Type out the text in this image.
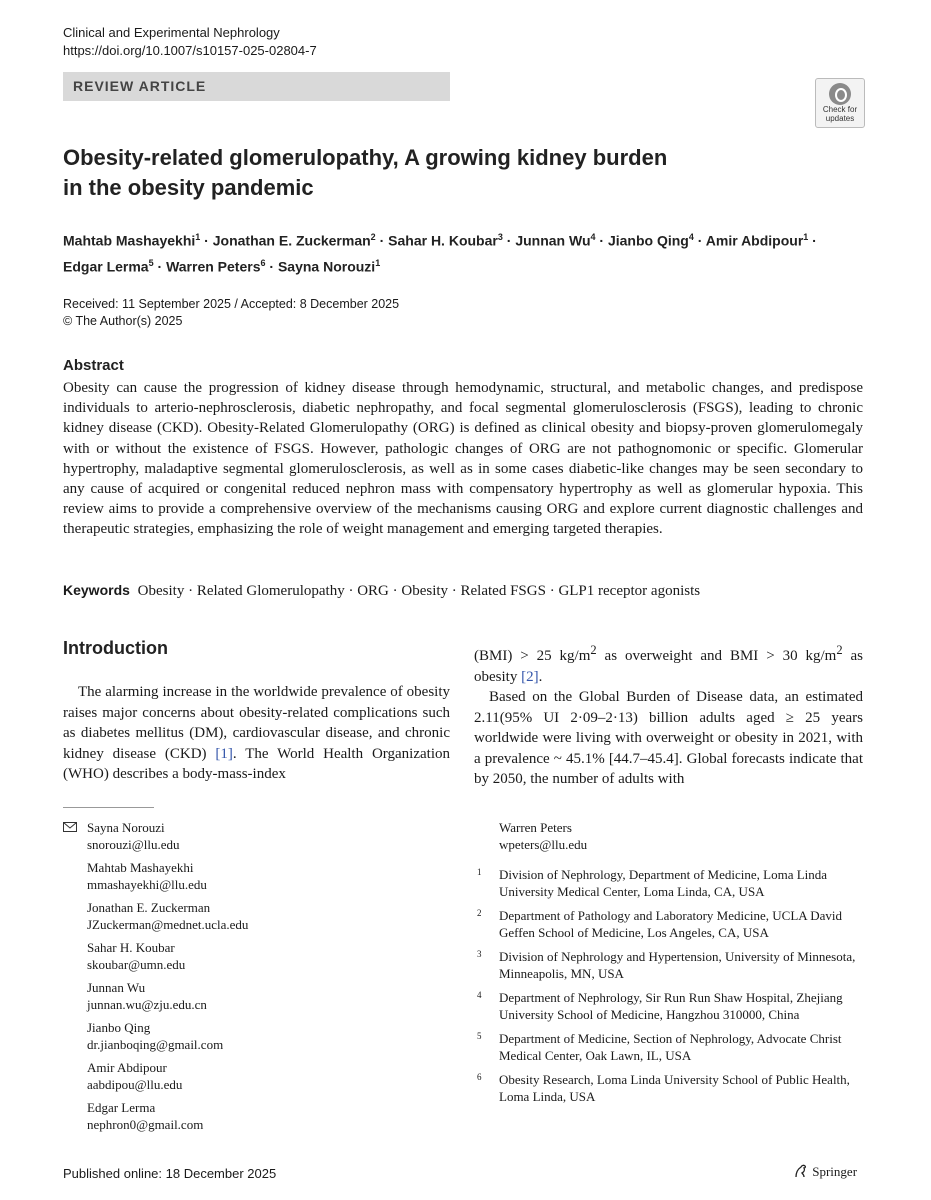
Clinical and Experimental Nephrology
https://doi.org/10.1007/s10157-025-02804-7
REVIEW ARTICLE
Check for
updates
Obesity-related glomerulopathy, A growing kidney burden
in the obesity pandemic
Mahtab Mashayekhi$^1$ · Jonathan E. Zuckerman$^2$ · Sahar H. Koubar$^3$ · Junnan $Wu^4$ · Jianbo Qing$^4$ · Amir Abdipour$^1$ ·
Edgar Lerma$^5$ · Warren Peters$^6$ · Sayna Norouzi$^1$
Received: 11 September 2025 / Accepted: 8 December 2025
© The Author(s) 2025
Abstract
Obesity can cause the progression of kidney disease through hemodynamic, structural, and metabolic changes, and predispose individuals to arterio-nephrosclerosis, diabetic nephropathy, and focal segmental glomerulosclerosis (FSGS), leading to chronic kidney disease (CKD). Obesity-Related Glomerulopathy (ORG) is defined as clinical obesity and biopsy-proven glomerulomegaly with or without the existence of FSGS. However, pathologic changes of ORG are not pathognomonic or specific. Glomerular hypertrophy, maladaptive segmental glomerulosclerosis, as well as in some cases diabetic-like changes may be seen secondary to any cause of acquired or congenital reduced nephron mass with compensatory hypertrophy as well as glomerular hypoxia. This review aims to provide a comprehensive overview of the mechanisms causing ORG and explore current diagnostic challenges and therapeutic strategies, emphasizing the role of weight management and emerging targeted therapies.
Keywords Obesity · Related Glomerulopathy · ORG · Obesity · Related FSGS · GLP1 receptor agonists
Introduction
The alarming increase in the worldwide prevalence of obesity raises major concerns about obesity-related complications such as diabetes mellitus (DM), cardiovascular disease, and chronic kidney disease (CKD) [1]. The World Health Organization (WHO) describes a body-mass-index

(BMI) > 25 $kg/m^2$ as overweight and BMI > 30 $kg/m^2$ as obesity [2].

Based on the Global Burden of Disease data, an estimated 2.11(95% UI 2·09–2·13) billion adults aged ≥ 25 years worldwide were living with overweight or obesity in 2021, with a prevalence ~ 45.1% [44.7–45.4]. Global forecasts indicate that by 2050, the number of adults with

Sayna Norouzi
snorouzi@llu.edu
Mahtab Mashayekhi
mmashayekhi@llu.edu
Jonathan E. Zuckerman
JZuckerman@mednet.ucla.edu
Sahar H. Koubar
skoubar@umn.edu
Junnan Wu
junnan.wu@zju.edu.cn
Jianbo Qing
dr.jianboqing@gmail.com
Amir Abdipour
aabdipou@llu.edu
Edgar Lerma
nephron0@gmail.com
Warren Peters
wpeters@llu.edu
1 Division of Nephrology, Department of Medicine, Loma Linda University Medical Center, Loma Linda, CA, USA
2 Department of Pathology and Laboratory Medicine, UCLA David Geffen School of Medicine, Los Angeles, CA, USA
3 Division of Nephrology and Hypertension, University of Minnesota, Minneapolis, MN, USA
4 Department of Nephrology, Sir Run Run Shaw Hospital, Zhejiang University School of Medicine, Hangzhou 310000, China
5 Department of Medicine, Section of Nephrology, Advocate Christ Medical Center, Oak Lawn, IL, USA
6 Obesity Research, Loma Linda University School of Public Health, Loma Linda, USA
Published online: 18 December 2025	Springer
